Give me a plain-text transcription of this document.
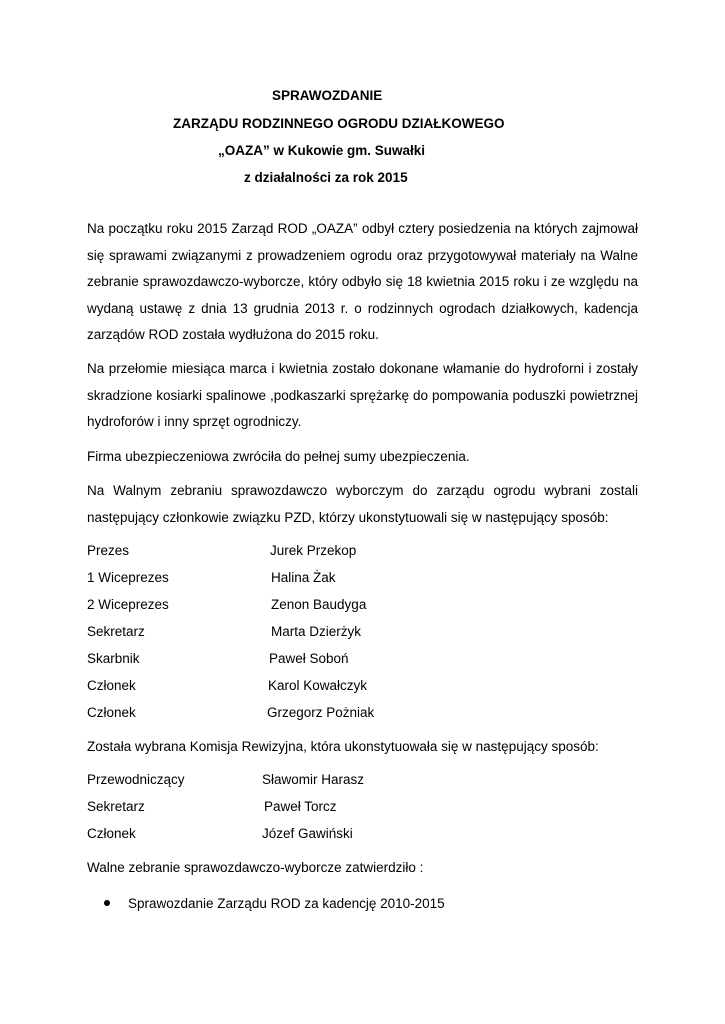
SPRAWOZDANIE
ZARZĄDU RODZINNEGO OGRODU DZIAŁKOWEGO
„OAZA” w Kukowie gm. Suwałki
z działalności za rok 2015
Na początku roku 2015 Zarząd ROD „OAZA” odbył cztery posiedzenia na których zajmował
się sprawami związanymi z prowadzeniem ogrodu oraz przygotowywał materiały na Walne
zebranie sprawozdawczo-wyborcze, który odbyło się 18 kwietnia 2015 roku i ze względu na
wydaną ustawę z dnia 13 grudnia 2013 r. o rodzinnych ogrodach działkowych, kadencja
zarządów ROD została wydłużona do 2015 roku.
Na przełomie miesiąca marca i kwietnia zostało dokonane włamanie do hydroforni i zostały
skradzione kosiarki spalinowe ,podkaszarki sprężarkę do pompowania poduszki powietrznej
hydroforów i inny sprzęt ogrodniczy.
Firma ubezpieczeniowa zwróciła do pełnej sumy ubezpieczenia.
Na Walnym zebraniu sprawozdawczo wyborczym do zarządu ogrodu wybrani zostali
następujący członkowie związku PZD, którzy ukonstytuowali się w następujący sposób:
Prezes	Jurek Przekop
1 Wiceprezes	Halina Żak
2 Wiceprezes	Zenon Baudyga
Sekretarz	Marta Dzierżyk
Skarbnik	Paweł Soboń
Członek	Karol Kowałczyk
Członek	Grzegorz Pożniak
Została wybrana Komisja Rewizyjna, która ukonstytuowała się w następujący sposób:
Przewodniczący	Sławomir Harasz
Sekretarz	Paweł Torcz
Członek	Józef Gawiński
Walne zebranie sprawozdawczo-wyborcze zatwierdziło :
Sprawozdanie Zarządu ROD za kadencję 2010-2015
